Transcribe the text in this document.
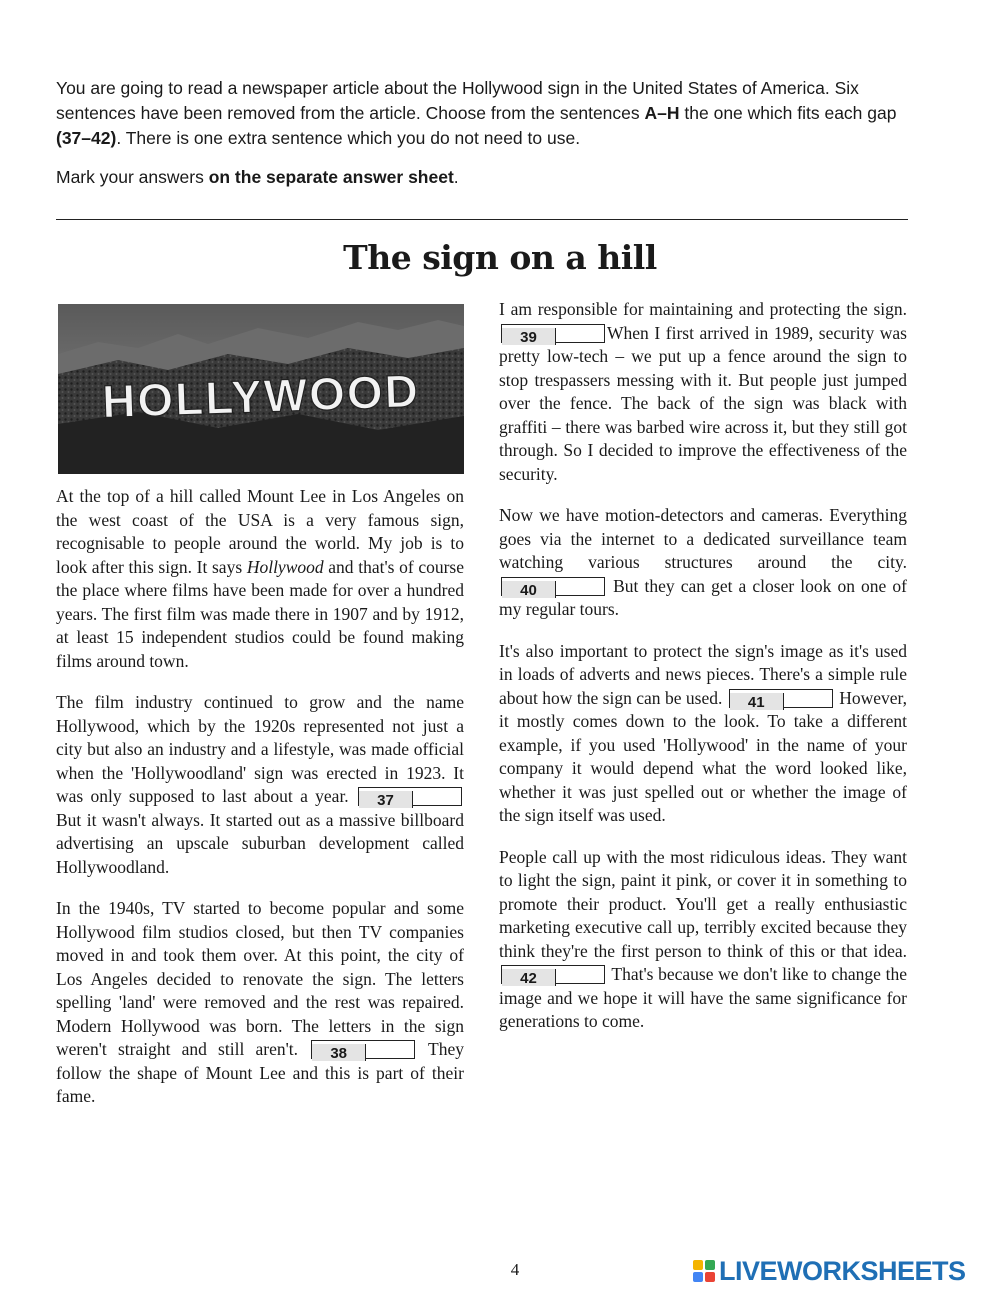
You are going to read a newspaper article about the Hollywood sign in the United States of America. Six sentences have been removed from the article. Choose from the sentences A–H the one which fits each gap (37–42). There is one extra sentence which you do not need to use.

Mark your answers on the separate answer sheet.

The sign on a hill
HOLLYWOOD

At the top of a hill called Mount Lee in Los Angeles on the west coast of the USA is a very famous sign, recognisable to people around the world. My job is to look after this sign. It says Hollywood and that's of course the place where films have been made for over a hundred years. The first film was made there in 1907 and by 1912, at least 15 independent studios could be found making films around town.

The film industry continued to grow and the name Hollywood, which by the 1920s represented not just a city but also an industry and a lifestyle, was made official when the 'Hollywoodland' sign was erected in 1923. It was only supposed to last about a year. 37But it wasn't always. It started out as a massive billboard advertising an upscale suburban development called Hollywoodland.

In the 1940s, TV started to become popular and some Hollywood film studios closed, but then TV companies moved in and took them over. At this point, the city of Los Angeles decided to renovate the sign. The letters spelling 'land' were removed and the rest was repaired. Modern Hollywood was born. The letters in the sign weren't straight and still aren't. 38	They follow the shape of Mount Lee and this is part of their fame.

I am responsible for maintaining and protecting the sign. 39	When I first arrived in 1989, security was pretty low-tech – we put up a fence around the sign to stop trespassers messing with it. But people just jumped over the fence. The back of the sign was black with graffiti – there was barbed wire across it, but they still got through. So I decided to improve the effectiveness of the security.

Now we have motion-detectors and cameras. Everything goes via the internet to a dedicated surveillance team watching various structures around the city. 40	But they can get a closer look on one of my regular tours.

It's also important to protect the sign's image as it's used in loads of adverts and news pieces. There's a simple rule about how the sign can be used. 41	However, it mostly comes down to the look. To take a different example, if you used 'Hollywood' in the name of your company it would depend what the word looked like, whether it was just spelled out or whether the image of the sign itself was used.

People call up with the most ridiculous ideas. They want to light the sign, paint it pink, or cover it in something to promote their product. You'll get a really enthusiastic marketing executive call up, terribly excited because they think they're the first person to think of this or that idea. 42	That's because we don't like to change the image and we hope it will have the same significance for generations to come.

4	LIVEWORKSHEETS
